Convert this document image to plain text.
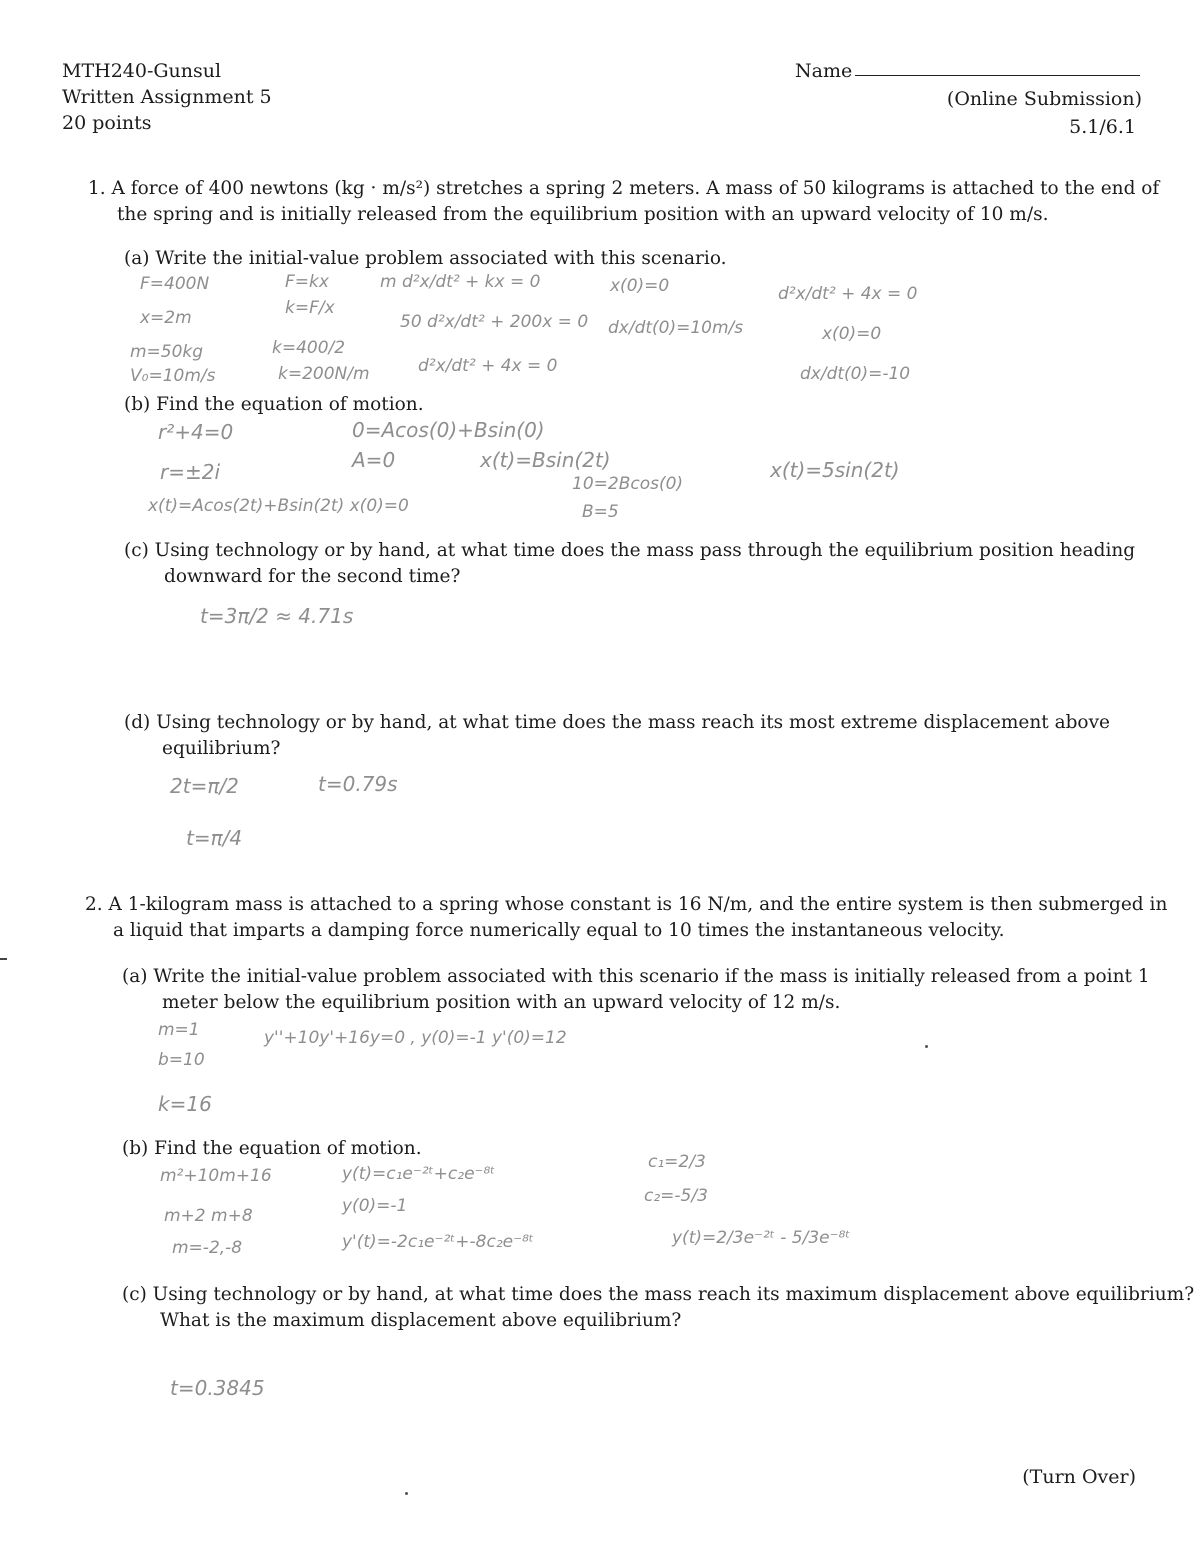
MTH240-Gunsul
Written Assignment 5
20 points
Name
(Online Submission)
5.1/6.1
1. A force of 400 newtons (kg · m/s²) stretches a spring 2 meters. A mass of 50 kilograms is attached to the end of
the spring and is initially released from the equilibrium position with an upward velocity of 10 m/s.
(a) Write the initial-value problem associated with this scenario.
F=400N	F=kx	m d²x/dt² + kx = 0	x(0)=0	d²x/dt² + 4x = 0
x=2m	k=F/x
50 d²x/dt² + 200x = 0 dx/dt(0)=10m/s	x(0)=0
m=50kg	k=400/2
d²x/dt² + 4x = 0	dx/dt(0)=-10
V₀=10m/s	k=200N/m
(b) Find the equation of motion.
r²+4=0	0=Acos(0)+Bsin(0)
A=0	x(t)=Bsin(2t)
r=±2i	10=2Bcos(0)
x(t)=5sin(2t)
x(t)=Acos(2t)+Bsin(2t) x(0)=0	B=5
(c) Using technology or by hand, at what time does the mass pass through the equilibrium position heading
downward for the second time?
t=3π/2 ≈ 4.71s
(d) Using technology or by hand, at what time does the mass reach its most extreme displacement above
equilibrium?
2t=π/2	t=0.79s
t=π/4
2. A 1-kilogram mass is attached to a spring whose constant is 16 N/m, and the entire system is then submerged in
a liquid that imparts a damping force numerically equal to 10 times the instantaneous velocity.
(a) Write the initial-value problem associated with this scenario if the mass is initially released from a point 1
meter below the equilibrium position with an upward velocity of 12 m/s.
m=1	y''+10y'+16y=0 , y(0)=-1 y'(0)=12
b=10
k=16
(b) Find the equation of motion.
m²+10m+16	y(t)=c₁e⁻²ᵗ+c₂e⁻⁸ᵗ
c₁=2/3
m+2 m+8	y(0)=-1	c₂=-5/3
m=-2,-8	y'(t)=-2c₁e⁻²ᵗ+-8c₂e⁻⁸ᵗ	y(t)=2/3e⁻²ᵗ - 5/3e⁻⁸ᵗ
(c) Using technology or by hand, at what time does the mass reach its maximum displacement above equilibrium?
What is the maximum displacement above equilibrium?
t=0.3845
(Turn Over)
